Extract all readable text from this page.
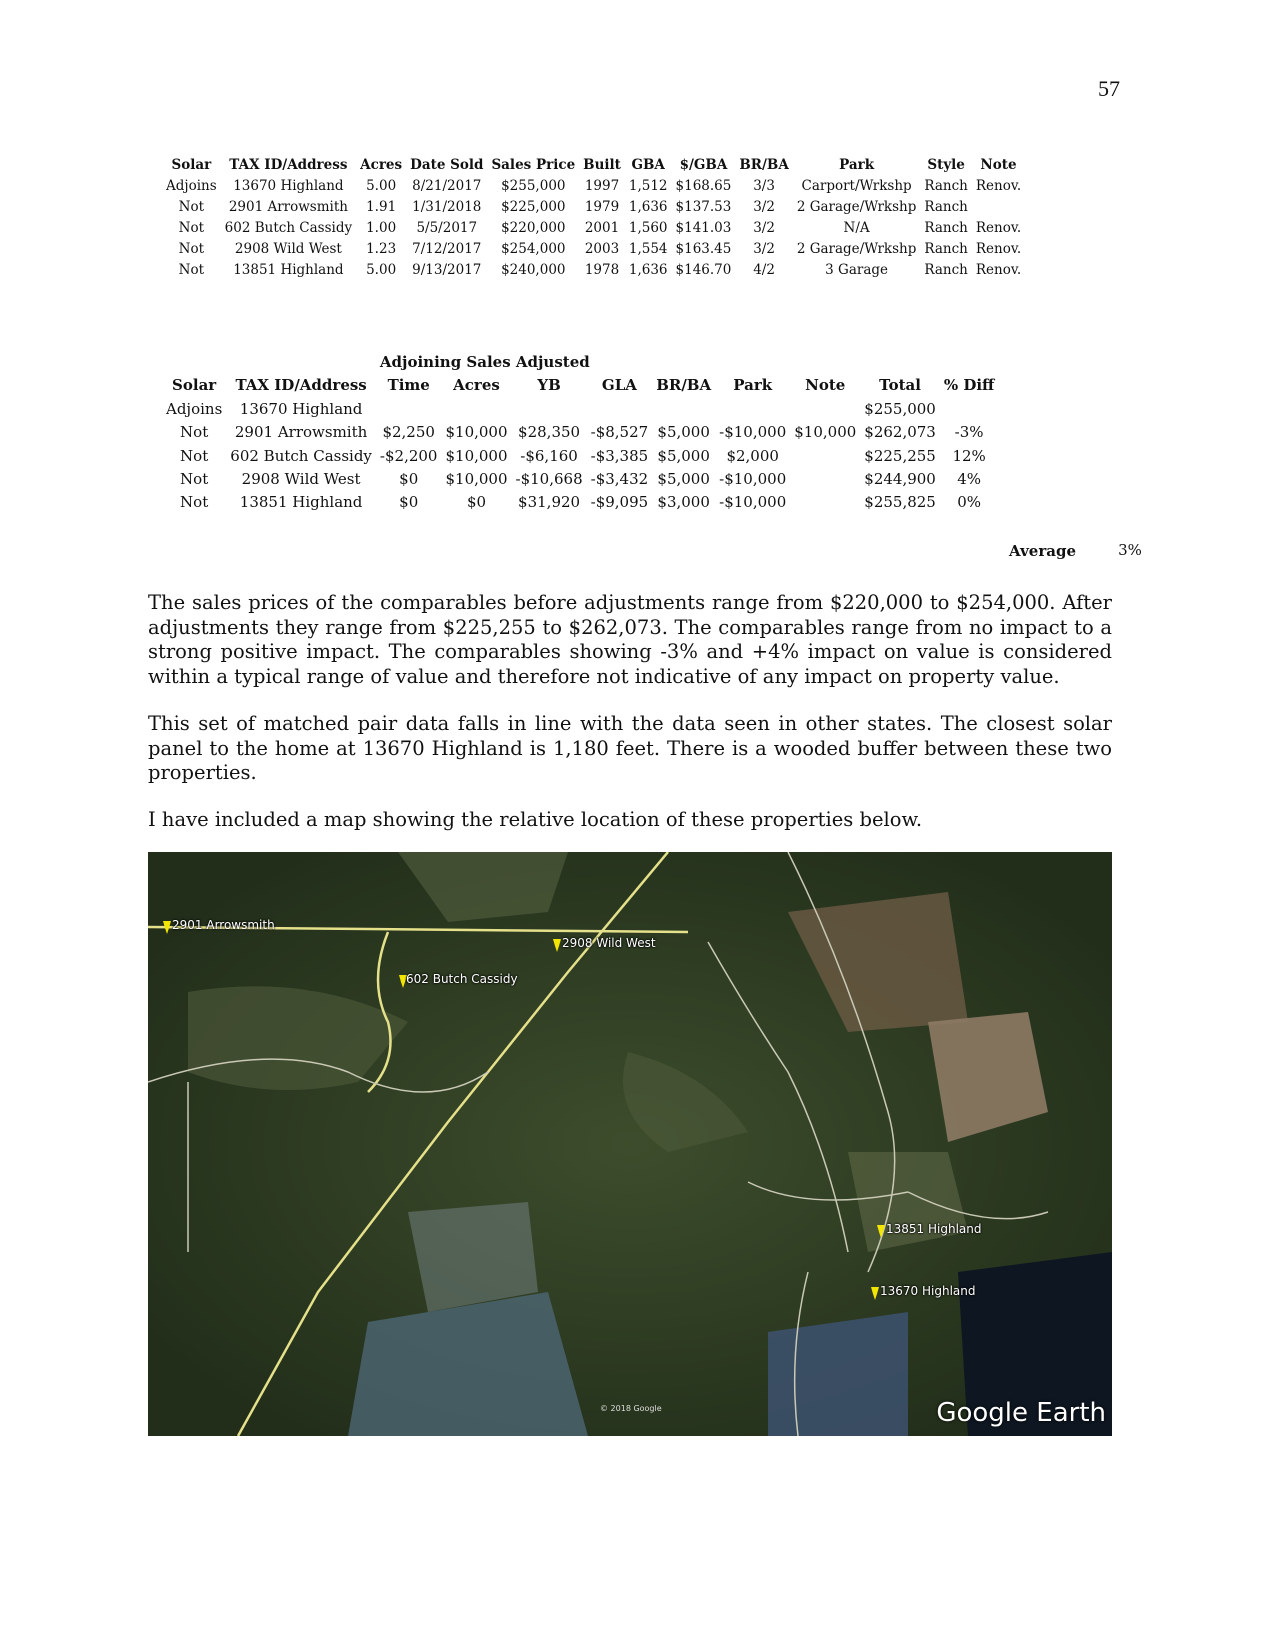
57
Solar	TAX ID/Address	Acres	Date Sold	Sales Price	Built	GBA	$/GBA	BR/BA	Park	Style	Note
Adjoins	13670 Highland	5.00	8/21/2017	$255,000	1997	1,512	$168.65	3/3	Carport/Wrkshp	Ranch	Renov.
Not	2901 Arrowsmith	1.91	1/31/2018	$225,000	1979	1,636	$137.53	3/2	2 Garage/Wrkshp	Ranch	
Not	602 Butch Cassidy	1.00	5/5/2017	$220,000	2001	1,560	$141.03	3/2	N/A	Ranch	Renov.
Not	2908 Wild West	1.23	7/12/2017	$254,000	2003	1,554	$163.45	3/2	2 Garage/Wrkshp	Ranch	Renov.
Not	13851 Highland	5.00	9/13/2017	$240,000	1978	1,636	$146.70	4/2	3 Garage	Ranch	Renov.
		Adjoining Sales Adjusted								
Solar	TAX ID/Address	Time	Acres	YB	GLA	BR/BA	Park	Note	Total	% Diff
Adjoins	13670 Highland								$255,000	
Not	2901 Arrowsmith	$2,250	$10,000	$28,350	-$8,527	$5,000	-$10,000	$10,000	$262,073	-3%
Not	602 Butch Cassidy	-$2,200	$10,000	-$6,160	-$3,385	$5,000	$2,000		$225,255	12%
Not	2908 Wild West	$0	$10,000	-$10,668	-$3,432	$5,000	-$10,000		$244,900	4%
Not	13851 Highland	$0	$0	$31,920	-$9,095	$3,000	-$10,000		$255,825	0%
Average	3%

The sales prices of the comparables before adjustments range from $220,000 to $254,000. After adjustments they range from $225,255 to $262,073. The comparables range from no impact to a strong positive impact. The comparables showing -3% and +4% impact on value is considered within a typical range of value and therefore not indicative of any impact on property value.

This set of matched pair data falls in line with the data seen in other states. The closest solar panel to the home at 13670 Highland is 1,180 feet. There is a wooded buffer between these two properties.

I have included a map showing the relative location of these properties below.

2901 Arrowsmith
2908 Wild West
602 Butch Cassidy
13851 Highland
13670 Highland
© 2018 Google	Google Earth
